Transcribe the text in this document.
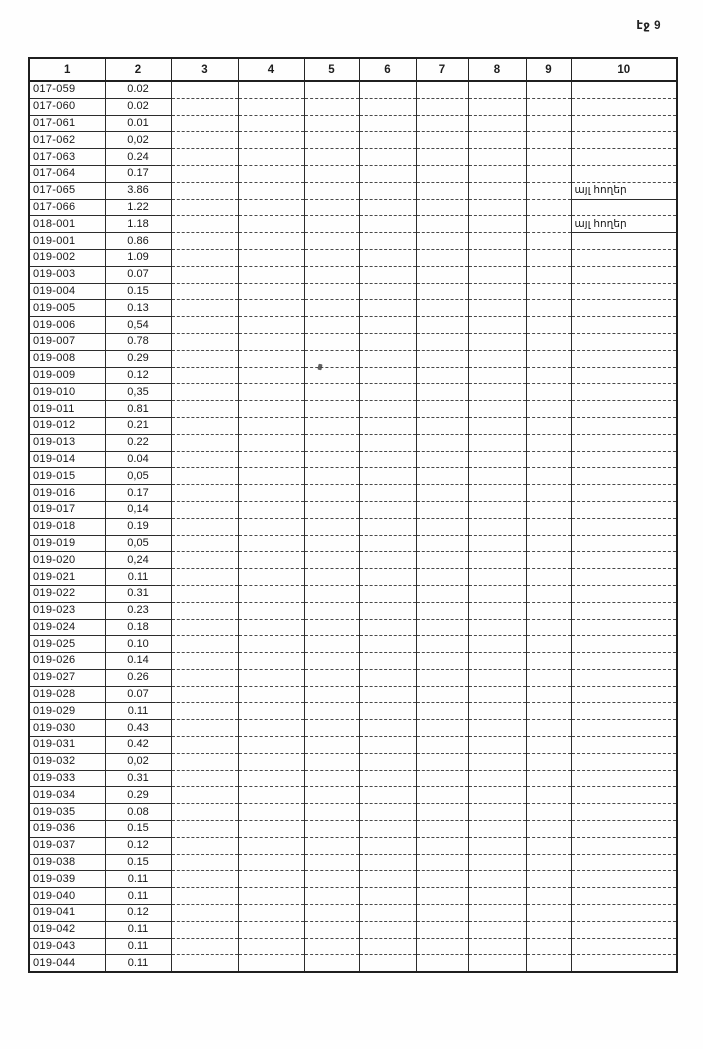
էջ 9
1	2	3	4	5	6	7	8	9	10
017-059	0.02								
017-060	0.02								
017-061	0.01								
017-062	0,02								
017-063	0.24								
017-064	0.17								
017-065	3.86								այլ հողեր
017-066	1.22								
018-001	1.18								այլ հողեր
019-001	0.86								
019-002	1.09								
019-003	0.07								
019-004	0.15								
019-005	0.13								
019-006	0,54								
019-007	0.78								
019-008	0.29								
019-009	0.12								
019-010	0,35								
019-011	0.81								
019-012	0.21								
019-013	0.22								
019-014	0.04								
019-015	0,05								
019-016	0.17								
019-017	0,14								
019-018	0.19								
019-019	0,05								
019-020	0,24								
019-021	0.11								
019-022	0.31								
019-023	0.23								
019-024	0.18								
019-025	0.10								
019-026	0.14								
019-027	0.26								
019-028	0.07								
019-029	0.11								
019-030	0.43								
019-031	0.42								
019-032	0,02								
019-033	0.31								
019-034	0.29								
019-035	0.08								
019-036	0.15								
019-037	0.12								
019-038	0.15								
019-039	0.11								
019-040	0.11								
019-041	0.12								
019-042	0.11								
019-043	0.11								
019-044	0.11								
